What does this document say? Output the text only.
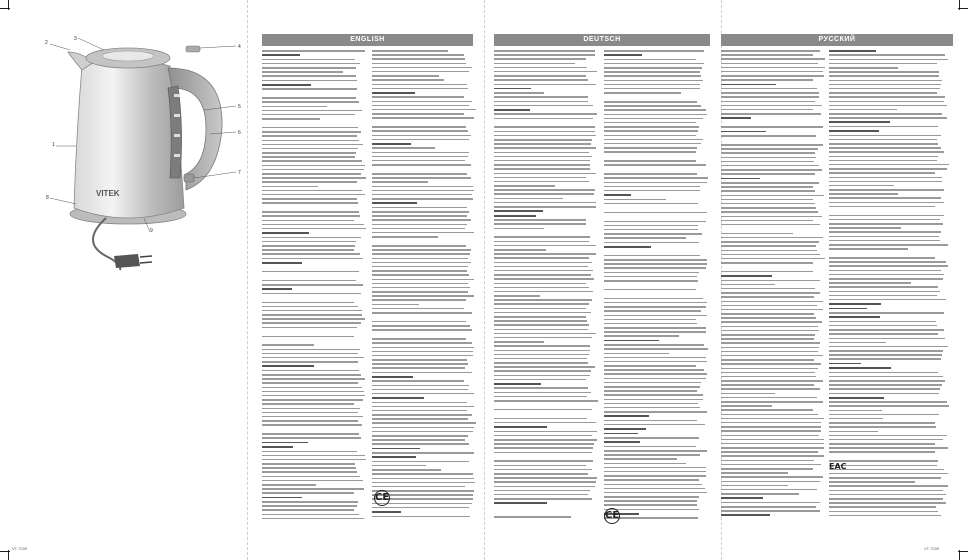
VITEK
2
3
4
5
6
7
1
8
9
ENGLISH	DEUTSCH	РУССКИЙ
CE
CE
EAC
VT-7039	VT-7039
